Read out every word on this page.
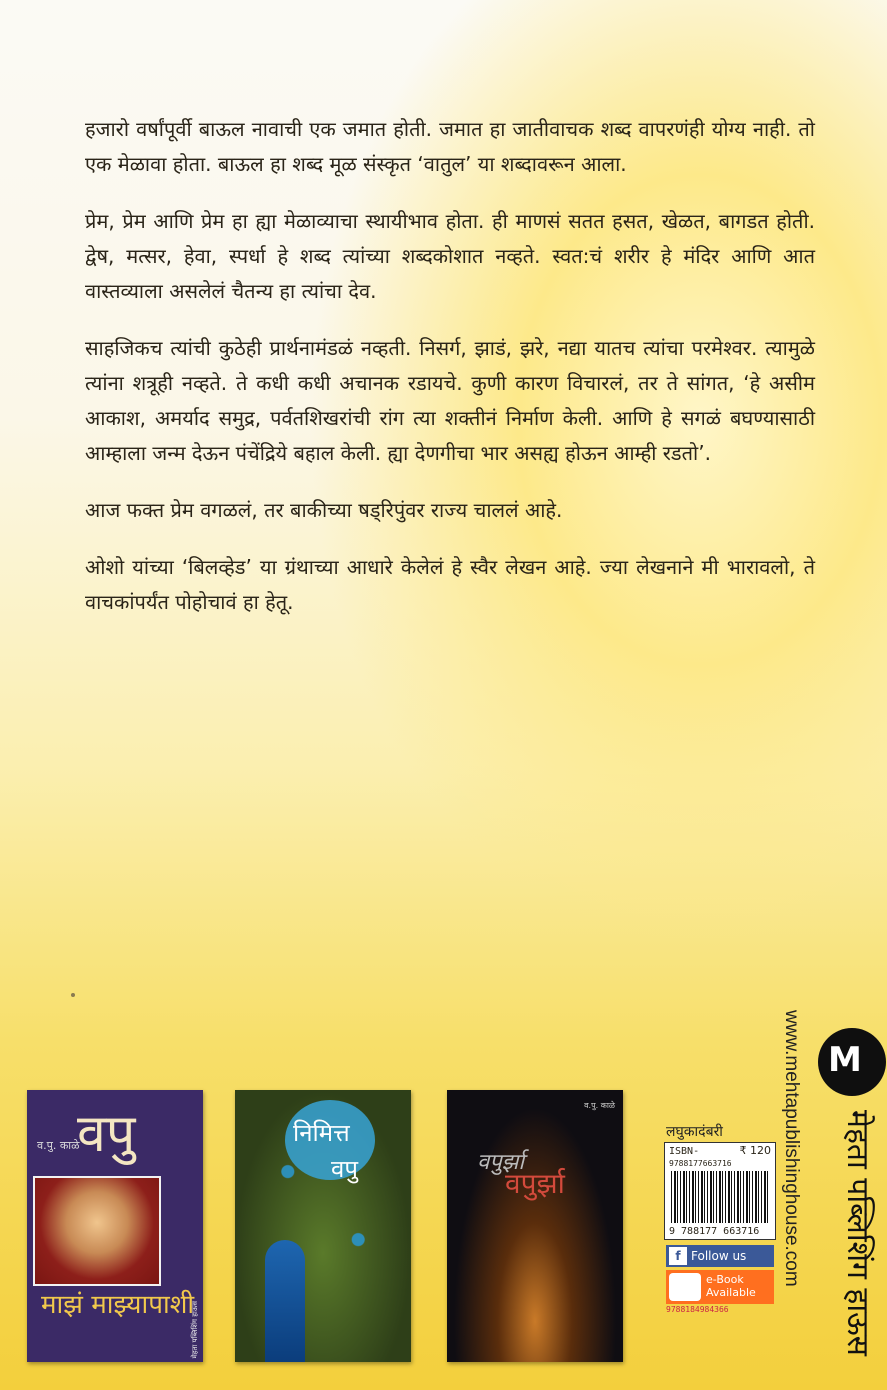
हजारो वर्षांपूर्वी बाऊल नावाची एक जमात होती. जमात हा जातीवाचक शब्द वापरणंही योग्य नाही. तो एक मेळावा होता. बाऊल हा शब्द मूळ संस्कृत ‘वातुल’ या शब्दावरून आला.

प्रेम, प्रेम आणि प्रेम हा ह्या मेळाव्याचा स्थायीभाव होता. ही माणसं सतत हसत, खेळत, बागडत होती. द्वेष, मत्सर, हेवा, स्पर्धा हे शब्द त्यांच्या शब्दकोशात नव्हते. स्वत:चं शरीर हे मंदिर आणि आत वास्तव्याला असलेलं चैतन्य हा त्यांचा देव.

साहजिकच त्यांची कुठेही प्रार्थनामंडळं नव्हती. निसर्ग, झाडं, झरे, नद्या यातच त्यांचा परमेश्वर. त्यामुळे त्यांना शत्रूही नव्हते. ते कधी कधी अचानक रडायचे. कुणी कारण विचारलं, तर ते सांगत, ‘हे असीम आकाश, अमर्याद समुद्र, पर्वतशिखरांची रांग त्या शक्तीनं निर्माण केली. आणि हे सगळं बघण्यासाठी आम्हाला जन्म देऊन पंचेंद्रिये बहाल केली. ह्या देणगीचा भार असह्य होऊन आम्ही रडतो’.

आज फक्त प्रेम वगळलं, तर बाकीच्या षड्‌रिपुंवर राज्य चाललं आहे.

ओशो यांच्या ‘बिलव्हेड’ या ग्रंथाच्या आधारे केलेलं हे स्वैर लेखन आहे. ज्या लेखनाने मी भारावलो, ते वाचकांपर्यंत पोहोचावं हा हेतू.

व.पु. काळे
वपु
माझं माझ्यापाशी
मेहता पब्लिशिंग हाऊस
निमित्त
वपु
व.पु. काळे
वपुर्झा
वपुर्झा
लघुकादंबरी
ISBN-	₹ 120
9788177663716
9 788177 663716
f Follow us
e-Book Available
9788184984366
www.mehtapublishinghouse.com M
मेहता पब्लिशिंग हाऊस
